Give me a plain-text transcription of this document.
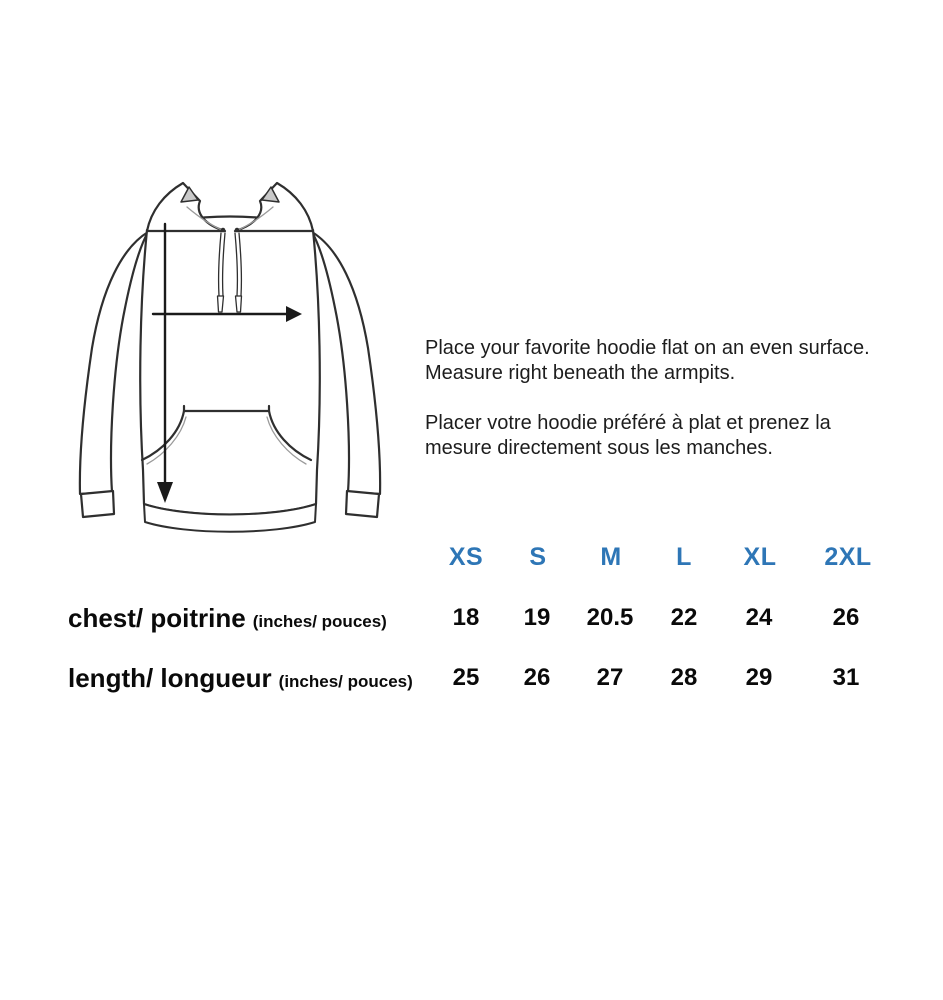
Place your favorite hoodie flat on an even surface. Measure right beneath the armpits.

Placer votre hoodie préféré à plat et prenez la mesure directement sous les manches.

XS S M L XL 2XL
chest/ poitrine (inches/ pouces)	18 19 20.5 22 24	26
length/ longueur (inches/ pouces) 25 26 27 28 29	31
